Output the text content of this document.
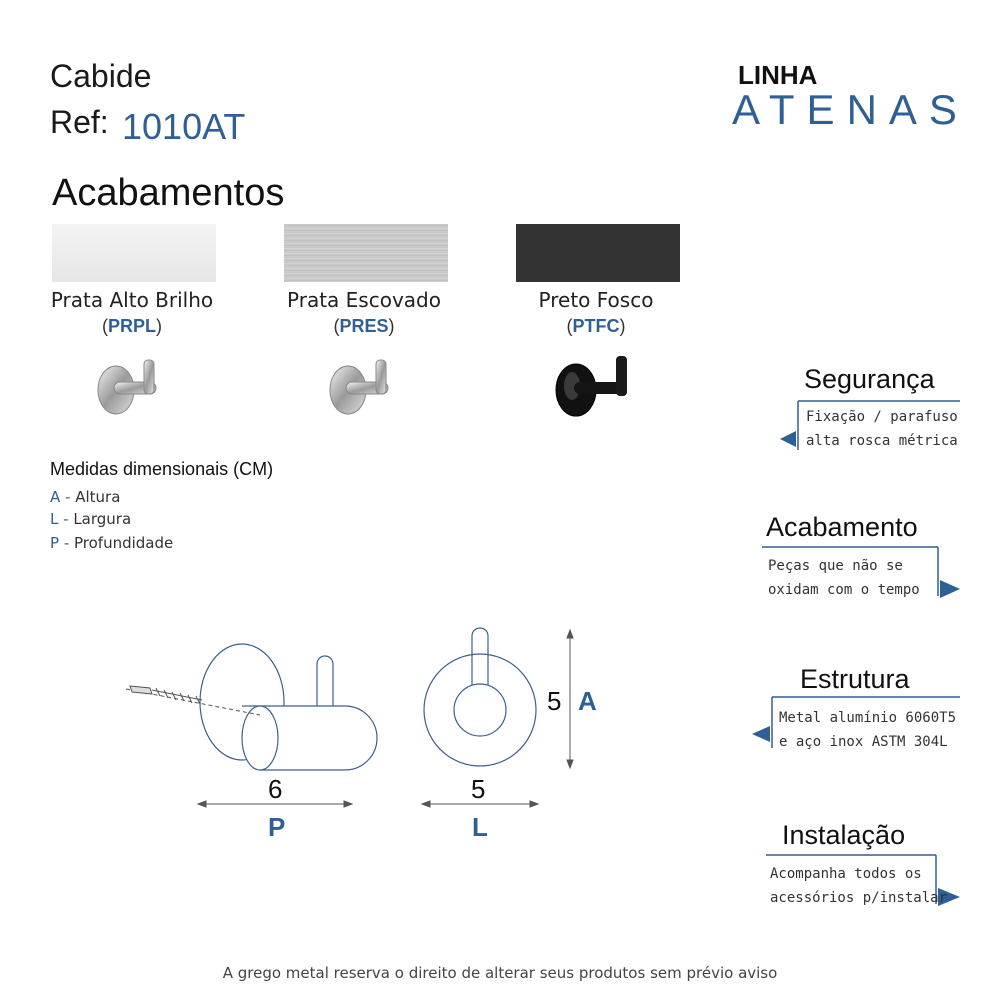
Cabide
Ref: 1010AT
LINHA
ATENAS
Acabamentos
Prata Alto Brilho	Prata Escovado	Preto Fosco
(PRPL)	(PRES)	(PTFC)
Medidas dimensionais (CM)
A - Altura
L - Largura
P - Profundidade
6
P
5
L
5 A
Segurança
Fixação / parafuso
alta rosca métrica
Acabamento
Peças que não se
oxidam com o tempo
Estrutura
Metal alumínio 6060T5
e aço inox ASTM 304L
Instalação
Acompanha todos os
acessórios p/instalar
A grego metal reserva o direito de alterar seus produtos sem prévio aviso
